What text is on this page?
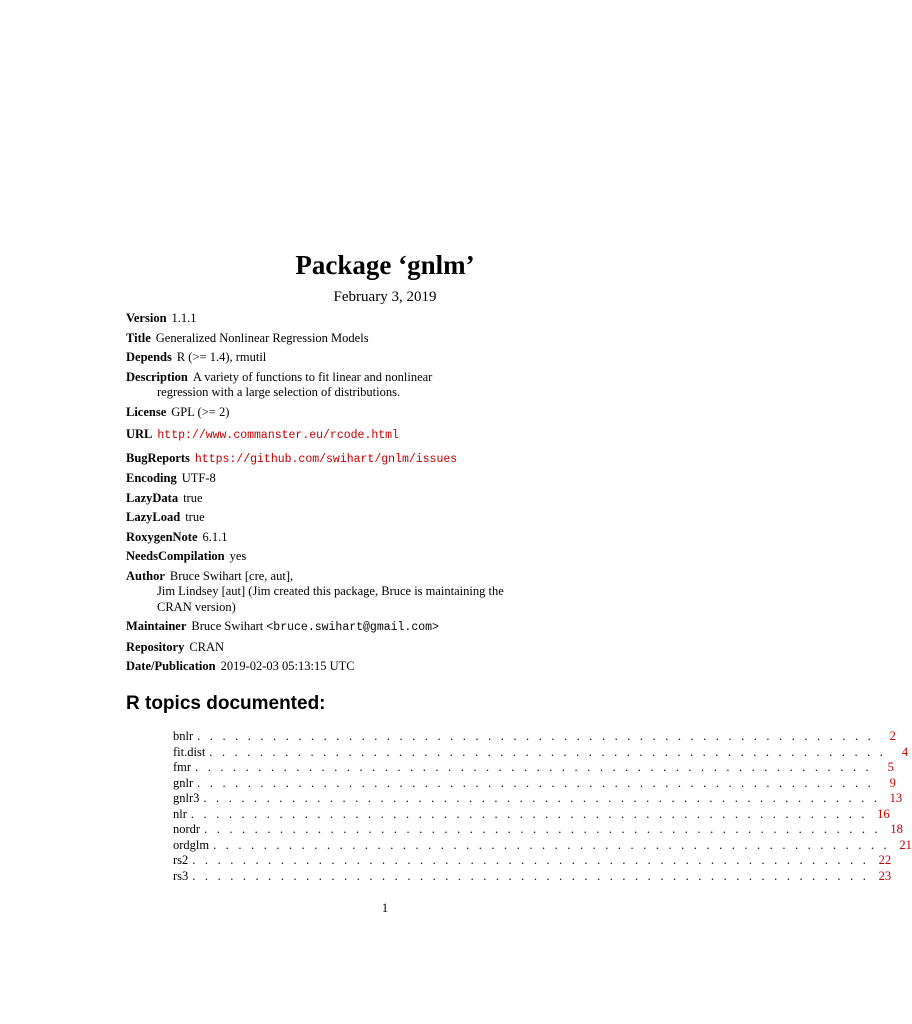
Package ‘gnlm’
February 3, 2019
Version 1.1.1
Title Generalized Nonlinear Regression Models
Depends R (>= 1.4), rmutil
Description A variety of functions to fit linear and nonlinear
regression with a large selection of distributions.
License GPL (>= 2)
URL http://www.commanster.eu/rcode.html
BugReports https://github.com/swihart/gnlm/issues
Encoding UTF-8
LazyData true
LazyLoad true
RoxygenNote 6.1.1
NeedsCompilation yes
Author Bruce Swihart [cre, aut],
Jim Lindsey [aut] (Jim created this package, Bruce is maintaining the
CRAN version)
Maintainer Bruce Swihart <bruce.swihart@gmail.com>
Repository CRAN
Date/Publication 2019-02-03 05:13:15 UTC
R topics documented:
bnlr . . . . . . . . . . . . . . . . . . . . . . . . . . . . . . . . . . . . . . . . . . . . . . . . . . . . . .	2
fit.dist . . . . . . . . . . . . . . . . . . . . . . . . . . . . . . . . . . . . . . . . . . . . . . . . . . . . . .	4
fmr . . . . . . . . . . . . . . . . . . . . . . . . . . . . . . . . . . . . . . . . . . . . . . . . . . . . . .	5
gnlr . . . . . . . . . . . . . . . . . . . . . . . . . . . . . . . . . . . . . . . . . . . . . . . . . . . . . .	9
gnlr3 . . . . . . . . . . . . . . . . . . . . . . . . . . . . . . . . . . . . . . . . . . . . . . . . . . . . . . 13
nlr . . . . . . . . . . . . . . . . . . . . . . . . . . . . . . . . . . . . . . . . . . . . . . . . . . . . . . 16
nordr . . . . . . . . . . . . . . . . . . . . . . . . . . . . . . . . . . . . . . . . . . . . . . . . . . . . . . 18
ordglm . . . . . . . . . . . . . . . . . . . . . . . . . . . . . . . . . . . . . . . . . . . . . . . . . . . . . . 21
rs2 . . . . . . . . . . . . . . . . . . . . . . . . . . . . . . . . . . . . . . . . . . . . . . . . . . . . . . 22
rs3 . . . . . . . . . . . . . . . . . . . . . . . . . . . . . . . . . . . . . . . . . . . . . . . . . . . . . . 23
1
